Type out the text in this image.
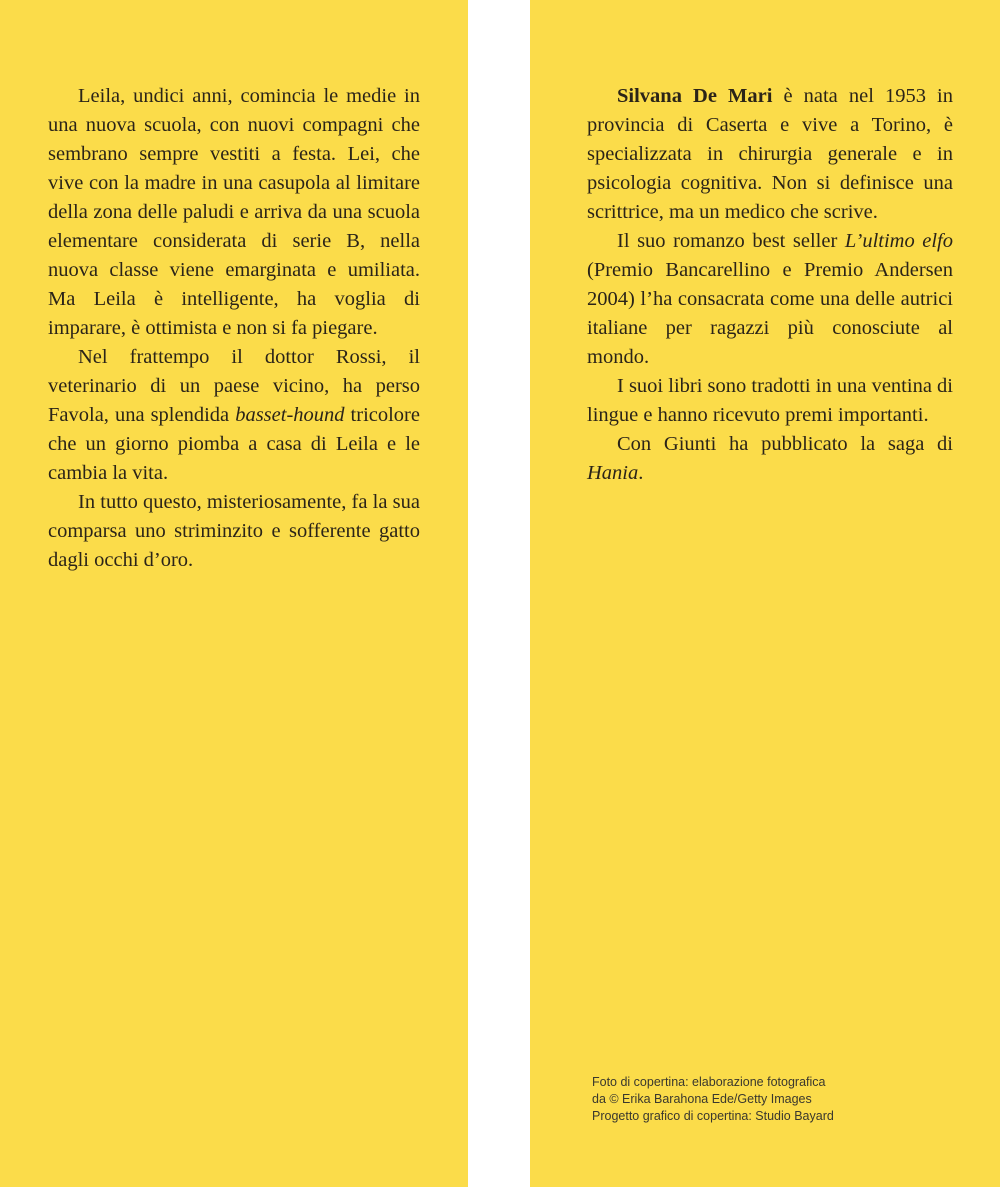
Leila, undici anni, comincia le medie in una nuova scuola, con nuovi compagni che sembrano sempre vestiti a festa. Lei, che vive con la madre in una casupola al limitare della zona delle paludi e arriva da una scuola elementare considerata di serie B, nella nuova classe viene emarginata e umiliata. Ma Leila è intelligente, ha voglia di imparare, è ottimista e non si fa piegare.

Nel frattempo il dottor Rossi, il veterinario di un paese vicino, ha perso Favola, una splendida basset-hound tricolore che un giorno piomba a casa di Leila e le cambia la vita.

In tutto questo, misteriosamente, fa la sua comparsa uno striminzito e sofferente gatto dagli occhi d’oro.

Silvana De Mari è nata nel 1953 in provincia di Caserta e vive a Torino, è specializzata in chirurgia generale e in psicologia cognitiva. Non si definisce una scrittrice, ma un medico che scrive.

Il suo romanzo best seller L’ultimo elfo (Premio Bancarellino e Premio Andersen 2004) l’ha consacrata come una delle autrici italiane per ragazzi più conosciute al mondo.

I suoi libri sono tradotti in una ventina di lingue e hanno ricevuto premi importanti.

Con Giunti ha pubblicato la saga di Hania.

Foto di copertina: elaborazione fotografica

da © Erika Barahona Ede/Getty Images

Progetto grafico di copertina: Studio Bayard
